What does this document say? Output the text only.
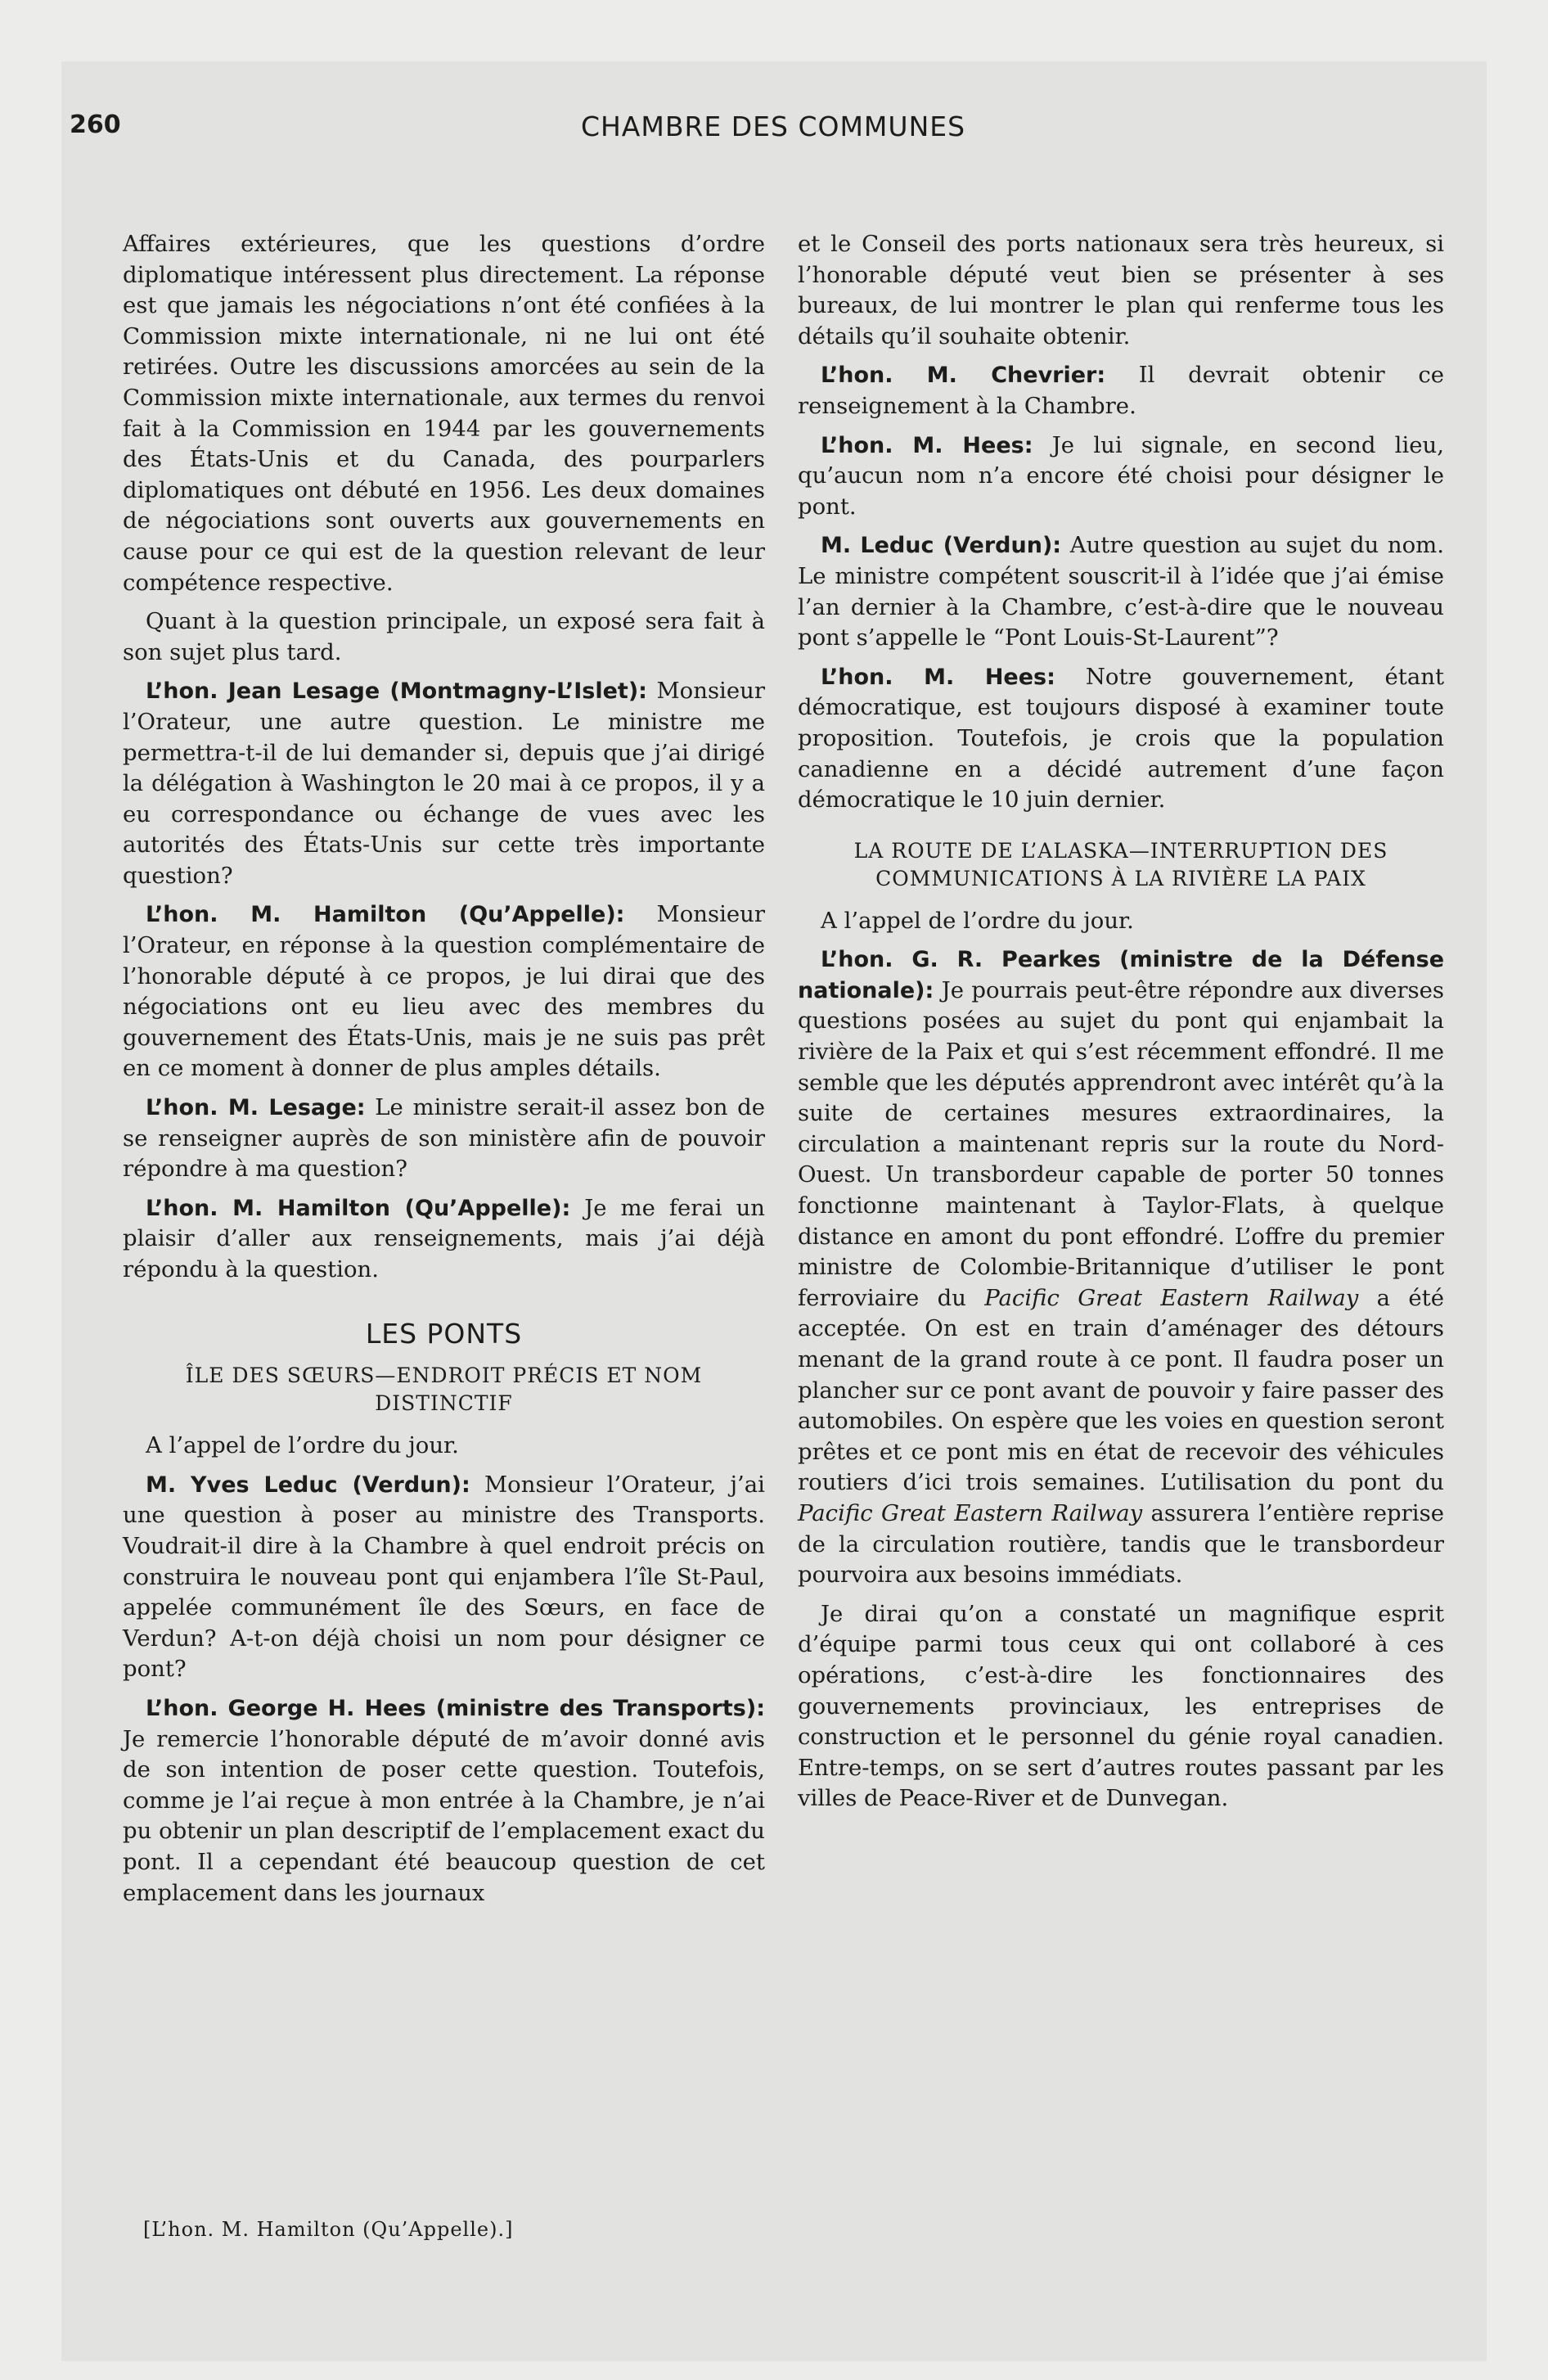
260	CHAMBRE DES COMMUNES

Affaires extérieures, que les questions d’ordre diplomatique intéressent plus directement. La réponse est que jamais les négociations n’ont été confiées à la Commission mixte internationale, ni ne lui ont été retirées. Outre les discussions amorcées au sein de la Commission mixte internationale, aux termes du renvoi fait à la Commission en 1944 par les gouvernements des États-Unis et du Canada, des pourparlers diplomatiques ont débuté en 1956. Les deux domaines de négociations sont ouverts aux gouvernements en cause pour ce qui est de la question relevant de leur compétence respective.

Quant à la question principale, un exposé sera fait à son sujet plus tard.

L’hon. Jean Lesage (Montmagny-L’Islet): Monsieur l’Orateur, une autre question. Le ministre me permettra-t-il de lui demander si, depuis que j’ai dirigé la délégation à Washington le 20 mai à ce propos, il y a eu correspondance ou échange de vues avec les autorités des États-Unis sur cette très importante question?

L’hon. M. Hamilton (Qu’Appelle): Monsieur l’Orateur, en réponse à la question complémentaire de l’honorable député à ce propos, je lui dirai que des négociations ont eu lieu avec des membres du gouvernement des États-Unis, mais je ne suis pas prêt en ce moment à donner de plus amples détails.

L’hon. M. Lesage: Le ministre serait-il assez bon de se renseigner auprès de son ministère afin de pouvoir répondre à ma question?

L’hon. M. Hamilton (Qu’Appelle): Je me ferai un plaisir d’aller aux renseignements, mais j’ai déjà répondu à la question.

LES PONTS
ÎLE DES SŒURS—ENDROIT PRÉCIS ET NOM DISTINCTIF

A l’appel de l’ordre du jour.

M. Yves Leduc (Verdun): Monsieur l’Orateur, j’ai une question à poser au ministre des Transports. Voudrait-il dire à la Chambre à quel endroit précis on construira le nouveau pont qui enjambera l’île St-Paul, appelée communément île des Sœurs, en face de Verdun? A-t-on déjà choisi un nom pour désigner ce pont?

L’hon. George H. Hees (ministre des Transports): Je remercie l’honorable député de m’avoir donné avis de son intention de poser cette question. Toutefois, comme je l’ai reçue à mon entrée à la Chambre, je n’ai pu obtenir un plan descriptif de l’emplacement exact du pont. Il a cependant été beaucoup question de cet emplacement dans les journaux

et le Conseil des ports nationaux sera très heureux, si l’honorable député veut bien se présenter à ses bureaux, de lui montrer le plan qui renferme tous les détails qu’il souhaite obtenir.

L’hon. M. Chevrier: Il devrait obtenir ce renseignement à la Chambre.

L’hon. M. Hees: Je lui signale, en second lieu, qu’aucun nom n’a encore été choisi pour désigner le pont.

M. Leduc (Verdun): Autre question au sujet du nom. Le ministre compétent souscrit-il à l’idée que j’ai émise l’an dernier à la Chambre, c’est-à-dire que le nouveau pont s’appelle le “Pont Louis-St-Laurent”?

L’hon. M. Hees: Notre gouvernement, étant démocratique, est toujours disposé à examiner toute proposition. Toutefois, je crois que la population canadienne en a décidé autrement d’une façon démocratique le 10 juin dernier.

LA ROUTE DE L’ALASKA—INTERRUPTION DES COMMUNICATIONS À LA RIVIÈRE LA PAIX

A l’appel de l’ordre du jour.

L’hon. G. R. Pearkes (ministre de la Défense nationale): Je pourrais peut-être répondre aux diverses questions posées au sujet du pont qui enjambait la rivière de la Paix et qui s’est récemment effondré. Il me semble que les députés apprendront avec intérêt qu’à la suite de certaines mesures extraordinaires, la circulation a maintenant repris sur la route du Nord-Ouest. Un transbordeur capable de porter 50 tonnes fonctionne maintenant à Taylor-Flats, à quelque distance en amont du pont effondré. L’offre du premier ministre de Colombie-Britannique d’utiliser le pont ferroviaire du Pacific Great Eastern Railway a été acceptée. On est en train d’aménager des détours menant de la grand route à ce pont. Il faudra poser un plancher sur ce pont avant de pouvoir y faire passer des automobiles. On espère que les voies en question seront prêtes et ce pont mis en état de recevoir des véhicules routiers d’ici trois semaines. L’utilisation du pont du Pacific Great Eastern Railway assurera l’entière reprise de la circulation routière, tandis que le transbordeur pourvoira aux besoins immédiats.

Je dirai qu’on a constaté un magnifique esprit d’équipe parmi tous ceux qui ont collaboré à ces opérations, c’est-à-dire les fonctionnaires des gouvernements provinciaux, les entreprises de construction et le personnel du génie royal canadien. Entre-temps, on se sert d’autres routes passant par les villes de Peace-River et de Dunvegan.

[L’hon. M. Hamilton (Qu’Appelle).]
